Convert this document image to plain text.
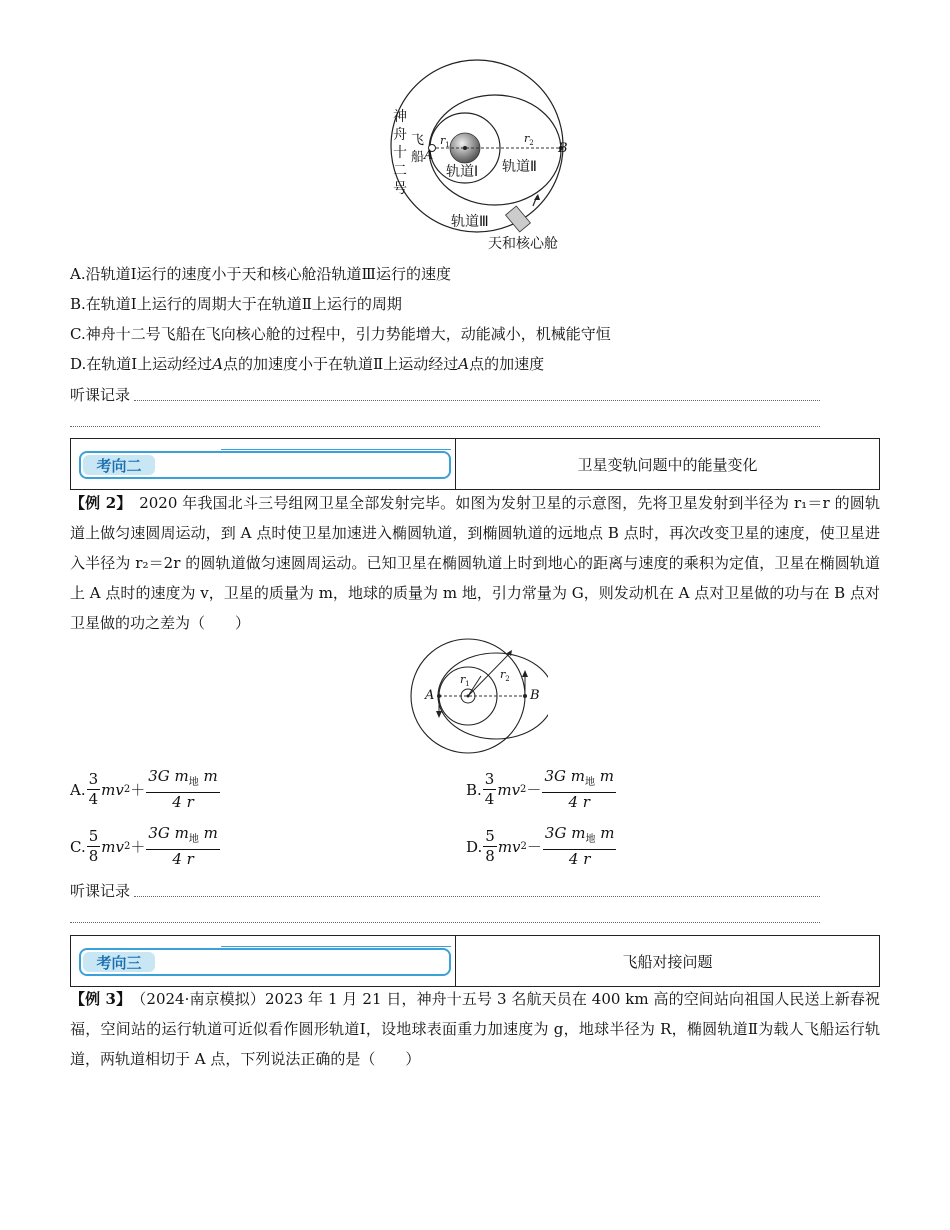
神
舟
十
二
号
飞
船 A	B
$r_1$
$r_2$
轨道Ⅰ 轨道Ⅱ
轨道Ⅲ
天和核心舱
A.沿轨道Ⅰ运行的速度小于天和核心舱沿轨道Ⅲ运行的速度
B.在轨道Ⅰ上运行的周期大于在轨道Ⅱ上运行的周期
C.神舟十二号飞船在飞向核心舱的过程中，引力势能增大，动能减小，机械能守恒
D.在轨道Ⅰ上运动经过A点的加速度小于在轨道Ⅱ上运动经过A点的加速度
听课记录
考向二	卫星变轨问题中的能量变化
【例 2】　 2020 年我国北斗三号组网卫星全部发射完毕。如图为发射卫星的示意图，先将卫星发射到半径为 r₁＝r 的圆轨道上做匀速圆周运动，到 A 点时使卫星加速进入椭圆轨道，到椭圆轨道的远地点 B 点时，再次改变卫星的速度，使卫星进入半径为 r₂＝2r 的圆轨道做匀速圆周运动。已知卫星在椭圆轨道上时到地心的距离与速度的乘积为定值，卫星在椭圆轨道上 A 点时的速度为 v，卫星的质量为 m，地球的质量为 m 地，引力常量为 G，则发动机在 A 点对卫星做的功与在 B 点对卫星做的功之差为（　　）
A	B
$r_1$
$r_2$
A. $\frac{3}{4}$ mv $2 + \frac{3G m_地 m}{4 r}$	B. $\frac{3}{4}$ mv $2 - \frac{3G m_地 m}{4 r}$
C. $\frac{5}{8}$ mv $2 + \frac{3G m_地 m}{4 r}$	D. $\frac{5}{8}$ mv $2 - \frac{3G m_地 m}{4 r}$
听课记录
考向三	飞船对接问题
【例 3】　 （2024·南京模拟）2023 年 1 月 21 日，神舟十五号 3 名航天员在 400 km 高的空间站向祖国人民送上新春祝福，空间站的运行轨道可近似看作圆形轨道Ⅰ，设地球表面重力加速度为 g，地球半径为 R，椭圆轨道Ⅱ为载人飞船运行轨道，两轨道相切于 A 点，下列说法正确的是（　　）
